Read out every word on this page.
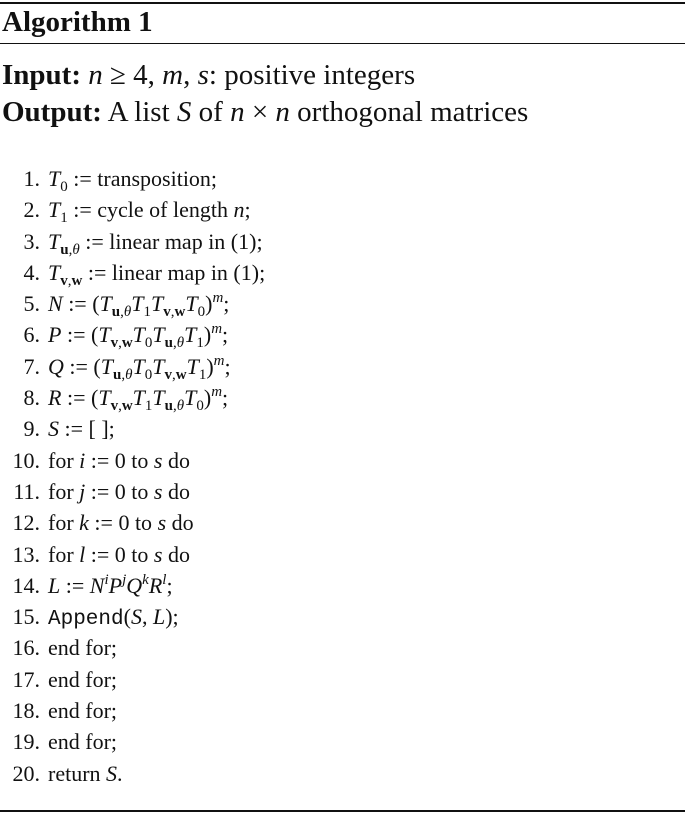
Algorithm 1
Input: n ≥ 4, m, s: positive integers
Output: A list S of n × n orthogonal matrices
1. $T_0$ := transposition;
2. $T_1$ := cycle of length n;
3. $T_{u,\theta}$ := linear map in (1);
4. $T_{v,w}$ := linear map in (1);
5. N := $(T_{u,\theta}T_1T_{v,w}T_0)^m$;
6. P := $(T_{v,w}T_0T_{u,\theta}T_1)^m$;
7. Q := $(T_{u,\theta}T_0T_{v,w}T_1)^m$;
8. R := $(T_{v,w}T_1T_{u,\theta}T_0)^m$;
9. S := [ ];
10. for i := 0 to s do
11. for j := 0 to s do
12. for k := 0 to s do
13. for l := 0 to s do
14. L := $N^iP^jQ^kR^l$;
15. Append(S, L);
16. end for;
17. end for;
18. end for;
19. end for;
20. return S.
